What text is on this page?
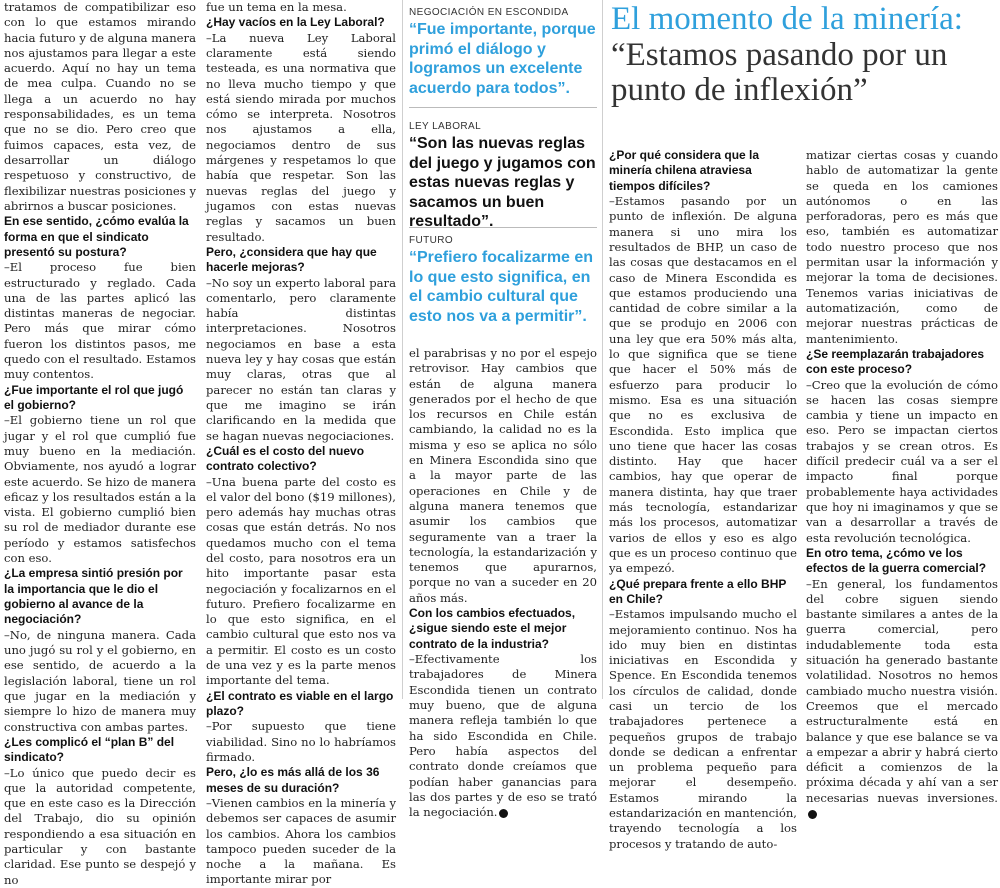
tratamos de compatibilizar eso con lo que estamos mirando hacia futuro y de alguna manera nos ajustamos para llegar a este acuerdo. Aquí no hay un tema de mea culpa. Cuando no se llega a un acuerdo no hay responsabilidades, es un tema que no se dio. Pero creo que fuimos capaces, esta vez, de desarrollar un diálogo respetuoso y constructivo, de flexibilizar nuestras posiciones y abrirnos a buscar posiciones.

En ese sentido, ¿cómo evalúa la forma en que el sindicato presentó su postura?

–El proceso fue bien estructurado y reglado. Cada una de las partes aplicó las distintas maneras de negociar. Pero más que mirar cómo fueron los distintos pasos, me quedo con el resultado. Estamos muy contentos.

¿Fue importante el rol que jugó el gobierno?

–El gobierno tiene un rol que jugar y el rol que cumplió fue muy bueno en la mediación. Obviamente, nos ayudó a lograr este acuerdo. Se hizo de manera eficaz y los resultados están a la vista. El gobierno cumplió bien su rol de mediador durante ese período y estamos satisfechos con eso.

¿La empresa sintió presión por la importancia que le dio el gobierno al avance de la negociación?

–No, de ninguna manera. Cada uno jugó su rol y el gobierno, en ese sentido, de acuerdo a la legislación laboral, tiene un rol que jugar en la mediación y siempre lo hizo de manera muy constructiva con ambas partes.

¿Les complicó el “plan B” del sindicato?

–Lo único que puedo decir es que la autoridad competente, que en este caso es la Dirección del Trabajo, dio su opinión respondiendo a esa situación en particular y con bastante claridad. Ese punto se despejó y no

fue un tema en la mesa.

¿Hay vacíos en la Ley Laboral?

–La nueva Ley Laboral claramente está siendo testeada, es una normativa que no lleva mucho tiempo y que está siendo mirada por muchos cómo se interpreta. Nosotros nos ajustamos a ella, negociamos dentro de sus márgenes y respetamos lo que había que respetar. Son las nuevas reglas del juego y jugamos con estas nuevas reglas y sacamos un buen resultado.

Pero, ¿considera que hay que hacerle mejoras?

–No soy un experto laboral para comentarlo, pero claramente había distintas interpretaciones. Nosotros negociamos en base a esta nueva ley y hay cosas que están muy claras, otras que al parecer no están tan claras y que me imagino se irán clarificando en la medida que se hagan nuevas negociaciones.

¿Cuál es el costo del nuevo contrato colectivo?

–Una buena parte del costo es el valor del bono ($19 millones), pero además hay muchas otras cosas que están detrás. No nos quedamos mucho con el tema del costo, para nosotros era un hito importante pasar esta negociación y focalizarnos en el futuro. Prefiero focalizarme en lo que esto significa, en el cambio cultural que esto nos va a permitir. El costo es un costo de una vez y es la parte menos importante del tema.

¿El contrato es viable en el largo plazo?

–Por supuesto que tiene viabilidad. Sino no lo habríamos firmado.

Pero, ¿lo es más allá de los 36 meses de su duración?

–Vienen cambios en la minería y debemos ser capaces de asumir los cambios. Ahora los cambios tampoco pueden suceder de la noche a la mañana. Es importante mirar por

NEGOCIACIÓN EN ESCONDIDA

“Fue importante, porque primó el diálogo y logramos un excelente acuerdo para todos”.

LEY LABORAL

“Son las nuevas reglas del juego y jugamos con estas nuevas reglas y sacamos un buen resultado”.

FUTURO

“Prefiero focalizarme en lo que esto significa, en el cambio cultural que esto nos va a permitir”.

el parabrisas y no por el espejo retrovisor. Hay cambios que están de alguna manera generados por el hecho de que los recursos en Chile están cambiando, la calidad no es la misma y eso se aplica no sólo en Minera Escondida sino que a la mayor parte de las operaciones en Chile y de alguna manera tenemos que asumir los cambios que seguramente van a traer la tecnología, la estandarización y tenemos que apurarnos, porque no van a suceder en 20 años más.

Con los cambios efectuados, ¿sigue siendo este el mejor contrato de la industria?

–Efectivamente los trabajadores de Minera Escondida tienen un contrato muy bueno, que de alguna manera refleja también lo que ha sido Escondida en Chile. Pero había aspectos del contrato donde creíamos que podían haber ganancias para las dos partes y de eso se trató la negociación.

El momento de la minería:
“Estamos pasando por un punto de inflexión”

¿Por qué considera que la minería chilena atraviesa tiempos difíciles?

–Estamos pasando por un punto de inflexión. De alguna manera si uno mira los resultados de BHP, un caso de las cosas que destacamos en el caso de Minera Escondida es que estamos produciendo una cantidad de cobre similar a la que se produjo en 2006 con una ley que era 50% más alta, lo que significa que se tiene que hacer el 50% más de esfuerzo para producir lo mismo. Esa es una situación que no es exclusiva de Escondida. Esto implica que uno tiene que hacer las cosas distinto. Hay que hacer cambios, hay que operar de manera distinta, hay que traer más tecnología, estandarizar más los procesos, automatizar varios de ellos y eso es algo que es un proceso continuo que ya empezó.

¿Qué prepara frente a ello BHP en Chile?

–Estamos impulsando mucho el mejoramiento continuo. Nos ha ido muy bien en distintas iniciativas en Escondida y Spence. En Escondida tenemos los círculos de calidad, donde casi un tercio de los trabajadores pertenece a pequeños grupos de trabajo donde se dedican a enfrentar un problema pequeño para mejorar el desempeño. Estamos mirando la estandarización en mantención, trayendo tecnología a los procesos y tratando de auto-

matizar ciertas cosas y cuando hablo de automatizar la gente se queda en los camiones autónomos o en las perforadoras, pero es más que eso, también es automatizar todo nuestro proceso que nos permitan usar la información y mejorar la toma de decisiones. Tenemos varias iniciativas de automatización, como de mejorar nuestras prácticas de mantenimiento.

¿Se reemplazarán trabajadores con este proceso?

–Creo que la evolución de cómo se hacen las cosas siempre cambia y tiene un impacto en eso. Pero se impactan ciertos trabajos y se crean otros. Es difícil predecir cuál va a ser el impacto final porque probablemente haya actividades que hoy ni imaginamos y que se van a desarrollar a través de esta revolución tecnológica.

En otro tema, ¿cómo ve los efectos de la guerra comercial?

–En general, los fundamentos del cobre siguen siendo bastante similares a antes de la guerra comercial, pero indudablemente toda esta situación ha generado bastante volatilidad. Nosotros no hemos cambiado mucho nuestra visión. Creemos que el mercado estructuralmente está en balance y que ese balance se va a empezar a abrir y habrá cierto déficit a comienzos de la próxima década y ahí van a ser necesarias nuevas inversiones.
